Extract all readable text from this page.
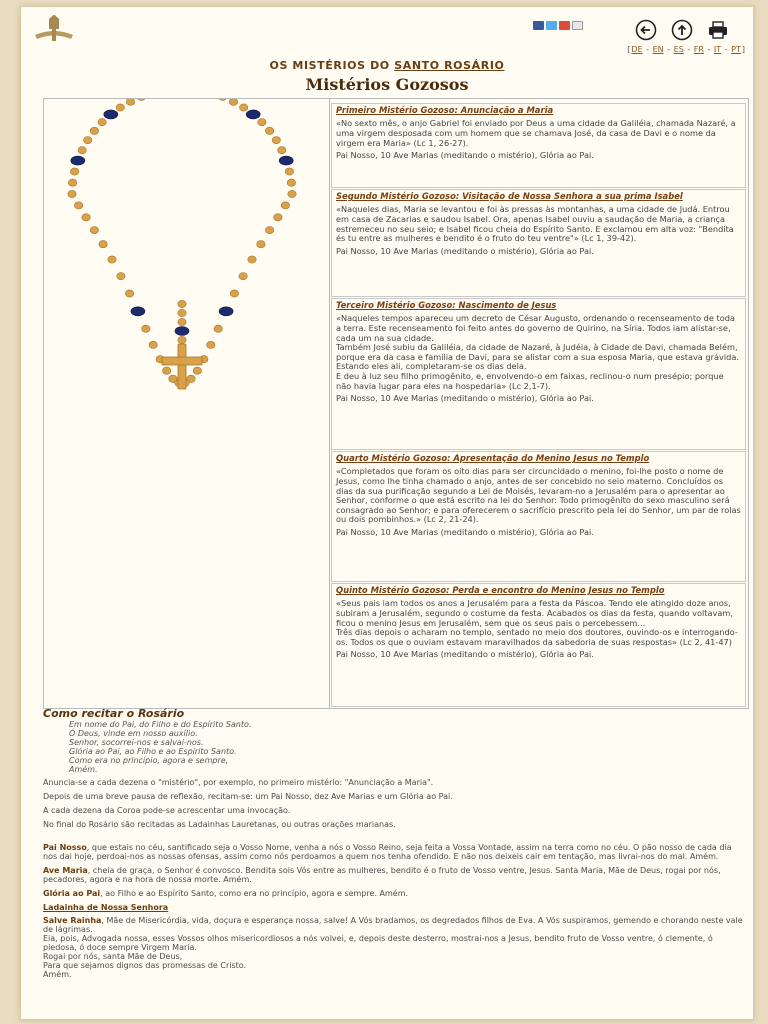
[DE - EN - ES - FR - IT - PT]
OS MISTÉRIOS DO SANTO ROSÁRIO
Mistérios Gozosos
Primeiro Mistério Gozoso: Anunciação a Maria

«No sexto mês, o anjo Gabriel foi enviado por Deus a uma cidade da Galiléia, chamada Nazaré, a uma virgem desposada com um homem que se chamava José, da casa de Davi e o nome da virgem era Maria» (Lc 1, 26-27).

Pai Nosso, 10 Ave Marias (meditando o mistério), Glória ao Pai.

Segundo Mistério Gozoso: Visitação de Nossa Senhora a sua prima Isabel

«Naqueles dias, Maria se levantou e foi às pressas às montanhas, a uma cidade de Judá. Entrou em casa de Zacarias e saudou Isabel. Ora, apenas Isabel ouviu a saudação de Maria, a criança estremeceu no seu seio; e Isabel ficou cheia do Espírito Santo. E exclamou em alta voz: "Bendita és tu entre as mulheres e bendito é o fruto do teu ventre"» (Lc 1, 39-42).

Pai Nosso, 10 Ave Marias (meditando o mistério), Glória ao Pai.

Terceiro Mistério Gozoso: Nascimento de Jesus

«Naqueles tempos apareceu um decreto de César Augusto, ordenando o recenseamento de toda a terra. Este recenseamento foi feito antes do governo de Quirino, na Síria. Todos iam alistar-se, cada um na sua cidade.
Também José subiu da Galiléia, da cidade de Nazaré, à Judéia, à Cidade de Davi, chamada Belém, porque era da casa e família de Davi, para se alistar com a sua esposa Maria, que estava grávida. Estando eles ali, completaram-se os dias dela.
E deu à luz seu filho primogênito, e, envolvendo-o em faixas, reclinou-o num presépio; porque não havia lugar para eles na hospedaria» (Lc 2,1-7).

Pai Nosso, 10 Ave Marias (meditando o mistério), Glória ao Pai.

Quarto Mistério Gozoso: Apresentação do Menino Jesus no Templo

«Completados que foram os oito dias para ser circuncidado o menino, foi-lhe posto o nome de Jesus, como lhe tinha chamado o anjo, antes de ser concebido no seio materno. Concluídos os dias da sua purificação segundo a Lei de Moisés, levaram-no a Jerusalém para o apresentar ao Senhor, conforme o que está escrito na lei do Senhor: Todo primogênito do sexo masculino será consagrado ao Senhor; e para oferecerem o sacrifício prescrito pela lei do Senhor, um par de rolas ou dois pombinhos.» (Lc 2, 21-24).

Pai Nosso, 10 Ave Marias (meditando o mistério), Glória ao Pai.

Quinto Mistério Gozoso: Perda e encontro do Menino Jesus no Templo

«Seus pais iam todos os anos a Jerusalém para a festa da Páscoa. Tendo ele atingido doze anos, subiram a Jerusalém, segundo o costume da festa. Acabados os dias da festa, quando voltavam, ficou o menino Jesus em Jerusalém, sem que os seus pais o percebessem...
Três dias depois o acharam no templo, sentado no meio dos doutores, ouvindo-os e interrogando-os. Todos os que o ouviam estavam maravilhados da sabedoria de suas respostas» (Lc 2, 41-47)

Pai Nosso, 10 Ave Marias (meditando o mistério), Glória ao Pai.

Como recitar o Rosário
Em nome do Pai, do Filho e do Espírito Santo.
Ó Deus, vinde em nosso auxílio.
Senhor, socorrei-nos e salvai-nos.
Glória ao Pai, ao Filho e ao Espírito Santo.
Como era no princípio, agora e sempre,
Amém.

Anuncia-se a cada dezena o "mistério", por exemplo, no primeiro mistério: "Anunciação a Maria".

Depois de uma breve pausa de reflexão, recitam-se: um Pai Nosso, dez Ave Marias e um Glória ao Pai.

A cada dezena da Coroa pode-se acrescentar uma invocação.

No final do Rosário são recitadas as Ladainhas Lauretanas, ou outras orações marianas.

Pai Nosso, que estais no céu, santificado seja o Vosso Nome, venha a nós o Vosso Reino, seja feita a Vossa Vontade, assim na terra como no céu. O pão nosso de cada dia nos dai hoje, perdoai-nos as nossas ofensas, assim como nós perdoamos a quem nos tenha ofendido. E não nos deixeis cair em tentação, mas livrai-nos do mal. Amém.

Ave Maria, cheia de graça, o Senhor é convosco. Bendita sois Vós entre as mulheres, bendito é o fruto de Vosso ventre, Jesus. Santa Maria, Mãe de Deus, rogai por nós, pecadores, agora e na hora de nossa morte. Amém.

Glória ao Pai, ao Filho e ao Espírito Santo, como era no princípio, agora e sempre. Amém.

Ladainha de Nossa Senhora

Salve Rainha, Mãe de Misericórdia, vida, doçura e esperança nossa, salve! A Vós bradamos, os degredados filhos de Eva. A Vós suspiramos, gemendo e chorando neste vale de lágrimas.
Eia, pois, Advogada nossa, esses Vossos olhos misericordiosos a nós volvei, e, depois deste desterro, mostrai-nos a Jesus, bendito fruto de Vosso ventre, ó clemente, ó piedosa, ó doce sempre Virgem Maria.
Rogai por nós, santa Mãe de Deus,
Para que sejamos dignos das promessas de Cristo.
Amém.
